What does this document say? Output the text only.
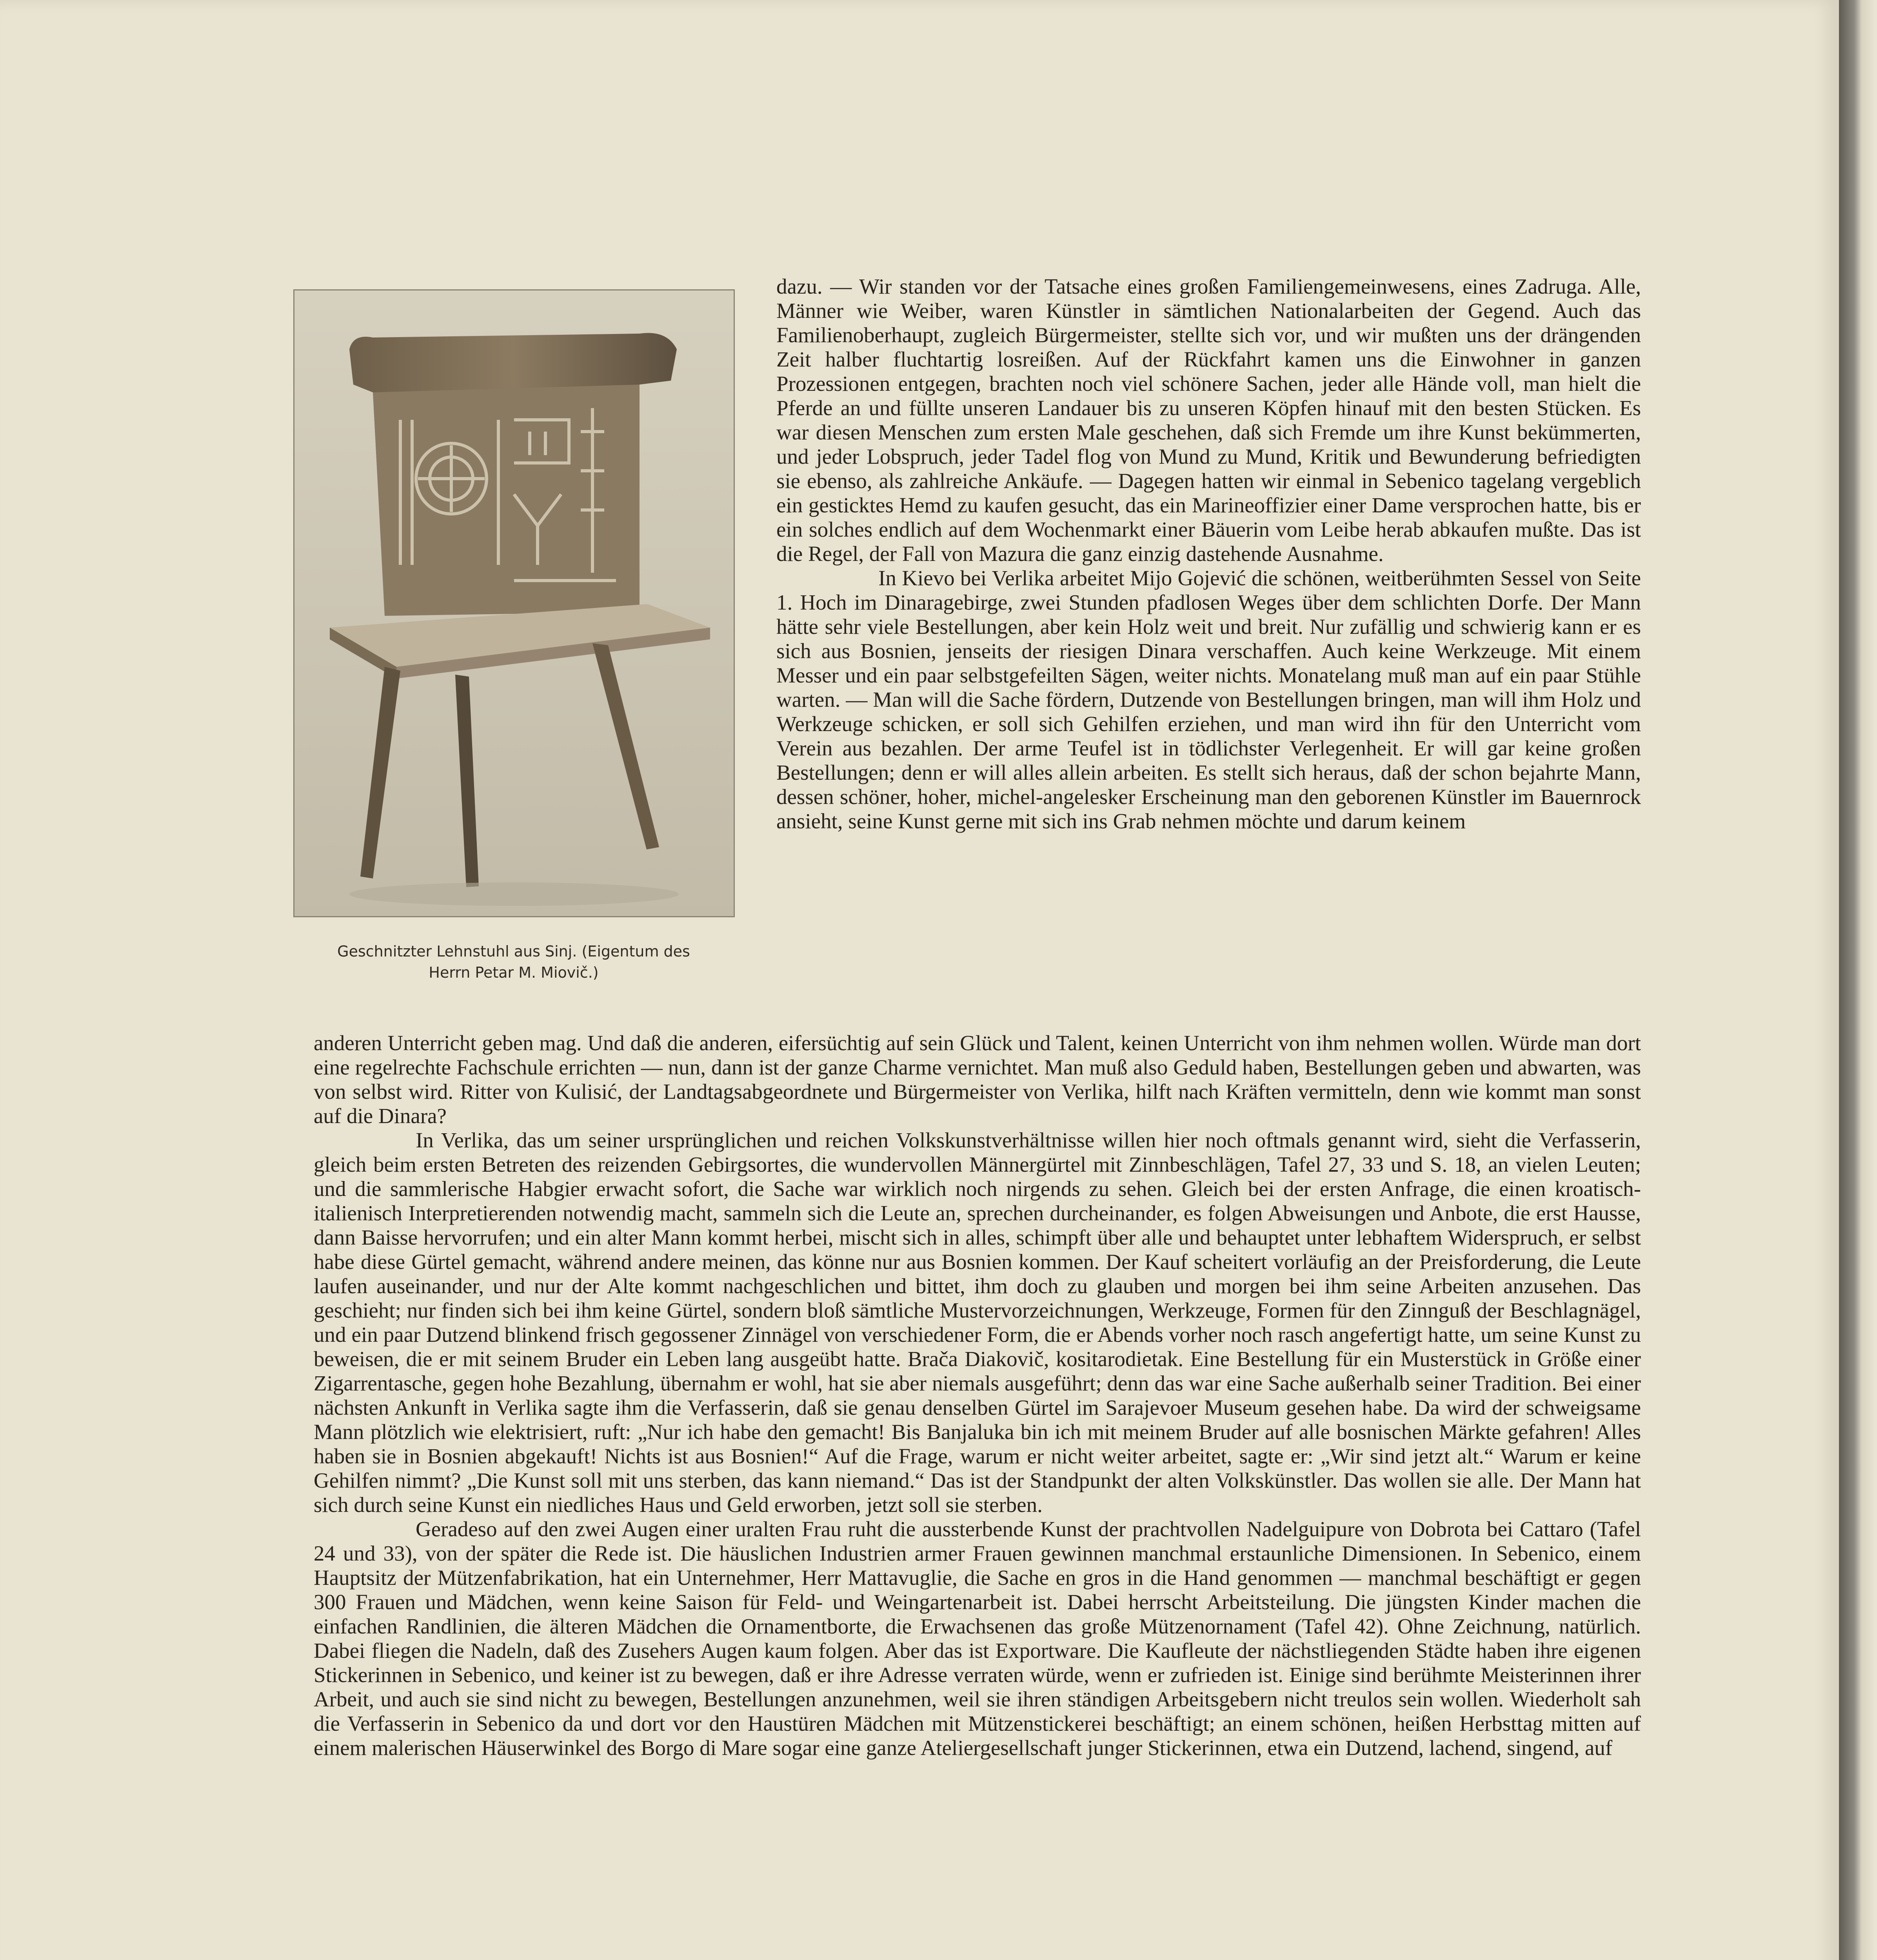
Geschnitzter Lehnstuhl aus Sinj. (Eigentum des
Herrn Petar M. Miovič.)

dazu. — Wir standen vor der Tatsache eines großen Familiengemeinwesens, eines Zadruga. Alle, Männer wie Weiber, waren Künstler in sämtlichen Nationalarbeiten der Gegend. Auch das Familienoberhaupt, zugleich Bürgermeister, stellte sich vor, und wir mußten uns der drängenden Zeit halber fluchtartig losreißen. Auf der Rückfahrt kamen uns die Einwohner in ganzen Prozessionen entgegen, brachten noch viel schönere Sachen, jeder alle Hände voll, man hielt die Pferde an und füllte unseren Landauer bis zu unseren Köpfen hinauf mit den besten Stücken. Es war diesen Menschen zum ersten Male geschehen, daß sich Fremde um ihre Kunst bekümmerten, und jeder Lobspruch, jeder Tadel flog von Mund zu Mund, Kritik und Bewunderung befriedigten sie ebenso, als zahlreiche Ankäufe. — Dagegen hatten wir einmal in Sebenico tagelang vergeblich ein gesticktes Hemd zu kaufen gesucht, das ein Marineoffizier einer Dame versprochen hatte, bis er ein solches endlich auf dem Wochenmarkt einer Bäuerin vom Leibe herab abkaufen mußte. Das ist die Regel, der Fall von Mazura die ganz einzig dastehende Ausnahme.

In Kievo bei Verlika arbeitet Mijo Gojević die schönen, weitberühmten Sessel von Seite 1. Hoch im Dinaragebirge, zwei Stunden pfadlosen Weges über dem schlichten Dorfe. Der Mann hätte sehr viele Bestellungen, aber kein Holz weit und breit. Nur zufällig und schwierig kann er es sich aus Bosnien, jenseits der riesigen Dinara verschaffen. Auch keine Werkzeuge. Mit einem Messer und ein paar selbstgefeilten Sägen, weiter nichts. Monatelang muß man auf ein paar Stühle warten. — Man will die Sache fördern, Dutzende von Bestellungen bringen, man will ihm Holz und Werkzeuge schicken, er soll sich Gehilfen erziehen, und man wird ihn für den Unterricht vom Verein aus bezahlen. Der arme Teufel ist in tödlichster Verlegenheit. Er will gar keine großen Bestellungen; denn er will alles allein arbeiten. Es stellt sich heraus, daß der schon bejahrte Mann, dessen schöner, hoher, michel-angelesker Erscheinung man den geborenen Künstler im Bauernrock ansieht, seine Kunst gerne mit sich ins Grab nehmen möchte und darum keinem

anderen Unterricht geben mag. Und daß die anderen, eifersüchtig auf sein Glück und Talent, keinen Unterricht von ihm nehmen wollen. Würde man dort eine regelrechte Fachschule errichten — nun, dann ist der ganze Charme vernichtet. Man muß also Geduld haben, Bestellungen geben und abwarten, was von selbst wird. Ritter von Kulisić, der Landtagsabgeordnete und Bürgermeister von Verlika, hilft nach Kräften vermitteln, denn wie kommt man sonst auf die Dinara?

In Verlika, das um seiner ursprünglichen und reichen Volkskunstverhältnisse willen hier noch oftmals genannt wird, sieht die Verfasserin, gleich beim ersten Betreten des reizenden Gebirgsortes, die wundervollen Männergürtel mit Zinnbeschlägen, Tafel 27, 33 und S. 18, an vielen Leuten; und die sammlerische Habgier erwacht sofort, die Sache war wirklich noch nirgends zu sehen. Gleich bei der ersten Anfrage, die einen kroatisch-italienisch Interpretierenden notwendig macht, sammeln sich die Leute an, sprechen durcheinander, es folgen Abweisungen und Anbote, die erst Hausse, dann Baisse hervorrufen; und ein alter Mann kommt herbei, mischt sich in alles, schimpft über alle und behauptet unter lebhaftem Widerspruch, er selbst habe diese Gürtel gemacht, während andere meinen, das könne nur aus Bosnien kommen. Der Kauf scheitert vorläufig an der Preisforderung, die Leute laufen auseinander, und nur der Alte kommt nachgeschlichen und bittet, ihm doch zu glauben und morgen bei ihm seine Arbeiten anzusehen. Das geschieht; nur finden sich bei ihm keine Gürtel, sondern bloß sämtliche Mustervorzeichnungen, Werkzeuge, Formen für den Zinnguß der Beschlagnägel, und ein paar Dutzend blinkend frisch gegossener Zinnägel von verschiedener Form, die er Abends vorher noch rasch angefertigt hatte, um seine Kunst zu beweisen, die er mit seinem Bruder ein Leben lang ausgeübt hatte. Brača Diakovič, kositarodietak. Eine Bestellung für ein Musterstück in Größe einer Zigarrentasche, gegen hohe Bezahlung, übernahm er wohl, hat sie aber niemals ausgeführt; denn das war eine Sache außerhalb seiner Tradition. Bei einer nächsten Ankunft in Verlika sagte ihm die Verfasserin, daß sie genau denselben Gürtel im Sarajevoer Museum gesehen habe. Da wird der schweigsame Mann plötzlich wie elektrisiert, ruft: „Nur ich habe den gemacht! Bis Banjaluka bin ich mit meinem Bruder auf alle bosnischen Märkte gefahren! Alles haben sie in Bosnien abgekauft! Nichts ist aus Bosnien!“ Auf die Frage, warum er nicht weiter arbeitet, sagte er: „Wir sind jetzt alt.“ Warum er keine Gehilfen nimmt? „Die Kunst soll mit uns sterben, das kann niemand.“ Das ist der Standpunkt der alten Volkskünstler. Das wollen sie alle. Der Mann hat sich durch seine Kunst ein niedliches Haus und Geld erworben, jetzt soll sie sterben.

Geradeso auf den zwei Augen einer uralten Frau ruht die aussterbende Kunst der prachtvollen Nadelguipure von Dobrota bei Cattaro (Tafel 24 und 33), von der später die Rede ist. Die häuslichen Industrien armer Frauen gewinnen manchmal erstaunliche Dimensionen. In Sebenico, einem Hauptsitz der Mützenfabrikation, hat ein Unternehmer, Herr Mattavuglie, die Sache en gros in die Hand genommen — manchmal beschäftigt er gegen 300 Frauen und Mädchen, wenn keine Saison für Feld- und Weingartenarbeit ist. Dabei herrscht Arbeitsteilung. Die jüngsten Kinder machen die einfachen Randlinien, die älteren Mädchen die Ornamentborte, die Erwachsenen das große Mützenornament (Tafel 42). Ohne Zeichnung, natürlich. Dabei fliegen die Nadeln, daß des Zusehers Augen kaum folgen. Aber das ist Exportware. Die Kaufleute der nächstliegenden Städte haben ihre eigenen Stickerinnen in Sebenico, und keiner ist zu bewegen, daß er ihre Adresse verraten würde, wenn er zufrieden ist. Einige sind berühmte Meisterinnen ihrer Arbeit, und auch sie sind nicht zu bewegen, Bestellungen anzunehmen, weil sie ihren ständigen Arbeitsgebern nicht treulos sein wollen. Wiederholt sah die Verfasserin in Sebenico da und dort vor den Haustüren Mädchen mit Mützenstickerei beschäftigt; an einem schönen, heißen Herbsttag mitten auf einem malerischen Häuserwinkel des Borgo di Mare sogar eine ganze Ateliergesellschaft junger Stickerinnen, etwa ein Dutzend, lachend, singend, auf
